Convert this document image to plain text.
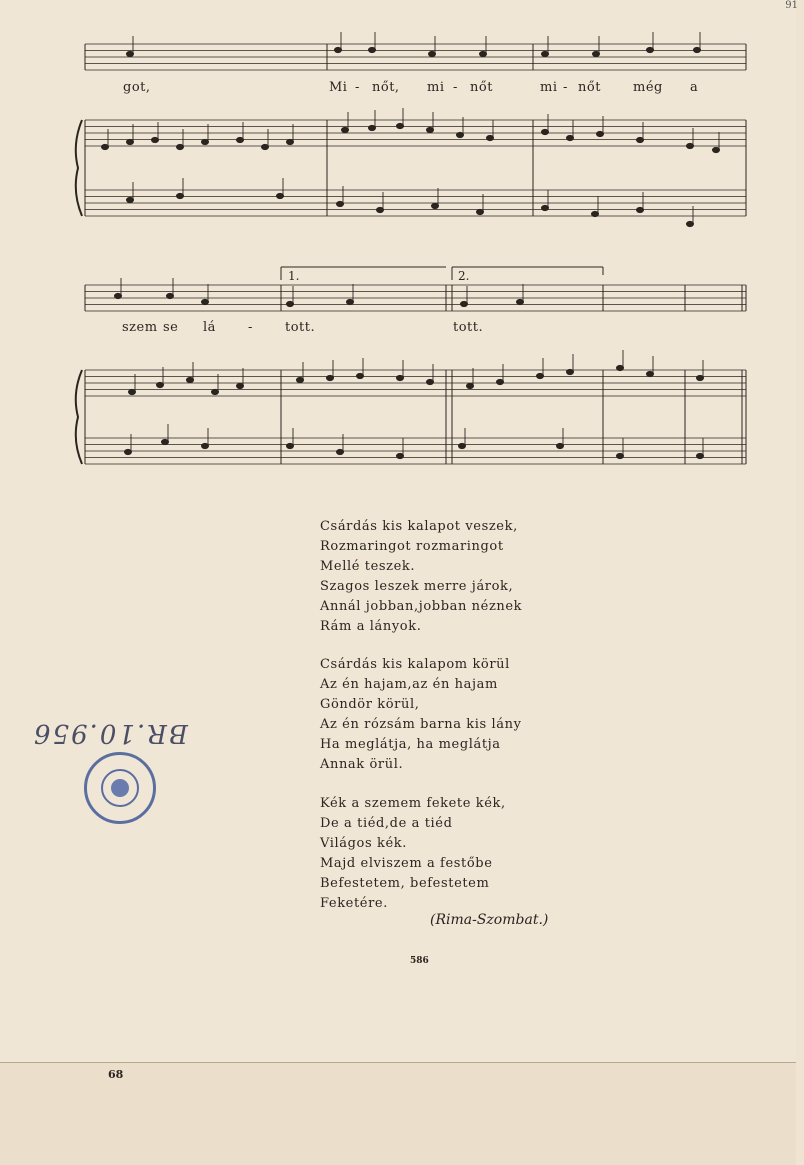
91
1.	2.
got,	Mi - nőt, mi - nőt	mi - nőt még a
szem se lá - tott.	tott.
Csárdás kis kalapot veszek,
Rozmaringot rozmaringot
Mellé teszek.
Szagos leszek merre járok,
Annál jobban,jobban néznek
Rám a lányok.
Csárdás kis kalapom körül
Az én hajam,az én hajam
Göndör körül,
Az én rózsám barna kis lány
Ha meglátja, ha meglátja
Annak örül.
Kék a szemem fekete kék,
De a tiéd,de a tiéd
Világos kék.
Majd elviszem a festőbe
Befestetem, befestetem
Feketére.
(Rima-Szombat.)
586
68
BR.10.956
